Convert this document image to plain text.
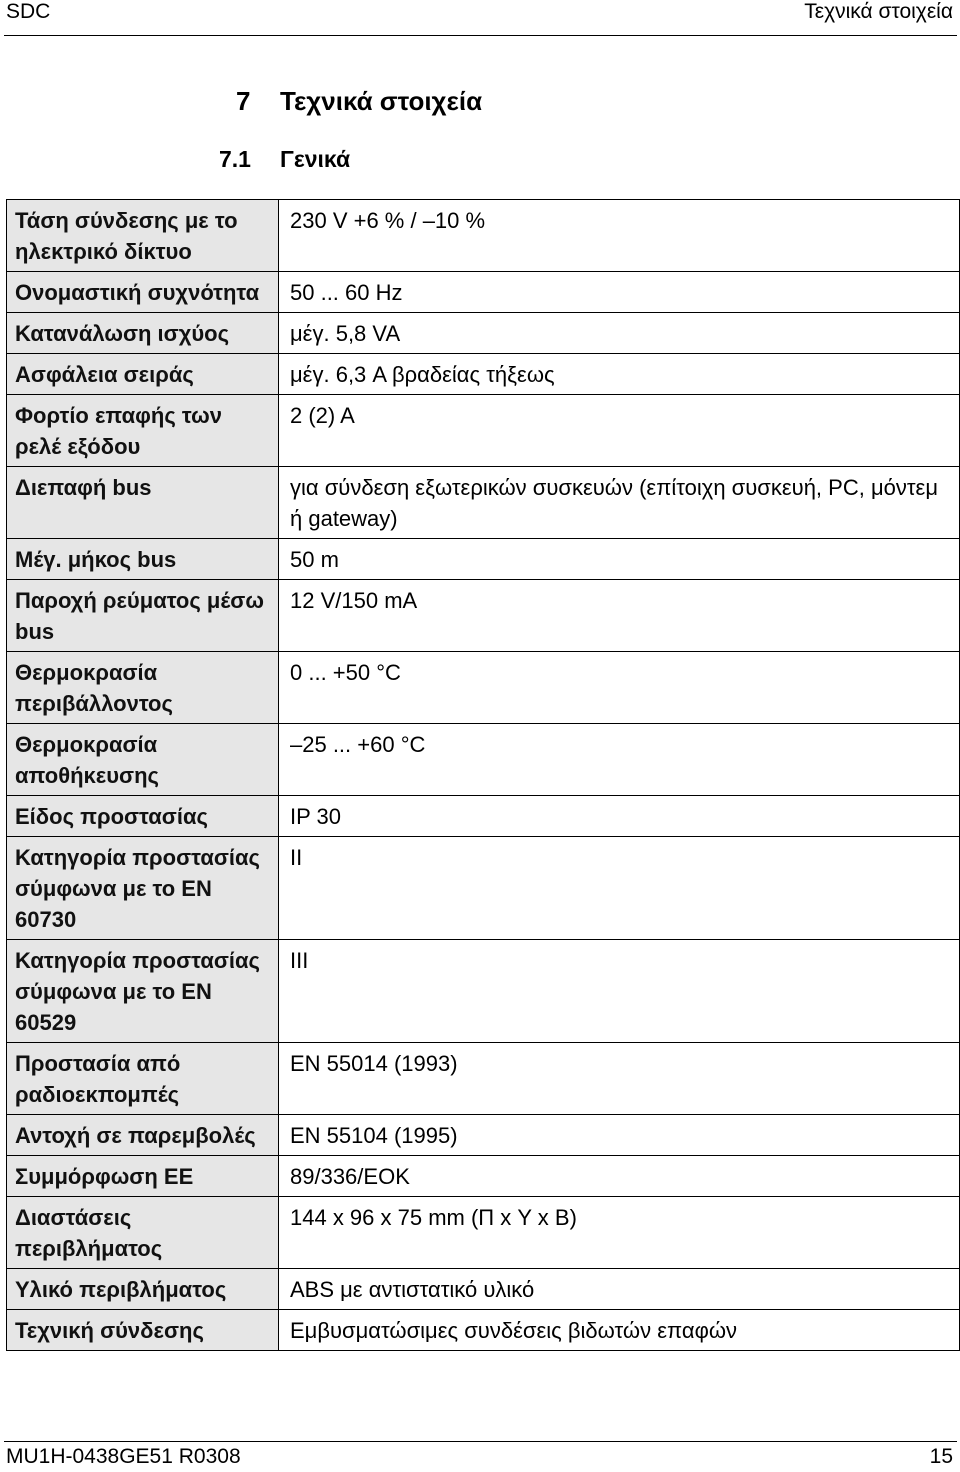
SDC	Τεχνικά στοιχεία
7 Τεχνικά στοιχεία
7.1 Γενικά
Τάση σύνδεσης με το ηλεκτρικό δίκτυο	230 V +6 % / –10 %
Ονομαστική συχνότητα	50 ... 60 Hz
Κατανάλωση ισχύος	μέγ. 5,8 VA
Ασφάλεια σειράς	μέγ. 6,3 A βραδείας τήξεως
Φορτίο επαφής των ρελέ εξόδου	2 (2) A
Διεπαφή bus	για σύνδεση εξωτερικών συσκευών (επίτοιχη συσκευή, PC, μόντεμ ή gateway)
Μέγ. μήκος bus	50 m
Παροχή ρεύματος μέσω bus	12 V/150 mA
Θερμοκρασία περιβάλλοντος	0 ... +50 °C
Θερμοκρασία αποθήκευσης	–25 ... +60 °C
Είδος προστασίας	IP 30
Κατηγορία προστασίας σύμφωνα με το EN 60730	II
Κατηγορία προστασίας σύμφωνα με το EN 60529	III
Προστασία από ραδιοεκπομπές	EN 55014 (1993)
Αντοχή σε παρεμβολές	EN 55104 (1995)
Συμμόρφωση ΕΕ	89/336/EOK
Διαστάσεις περιβλήματος	144 x 96 x 75 mm (Π x Υ x Β)
Υλικό περιβλήματος	ABS με αντιστατικό υλικό
Τεχνική σύνδεσης	Εμβυσματώσιμες συνδέσεις βιδωτών επαφών
MU1H-0438GE51 R0308	15
